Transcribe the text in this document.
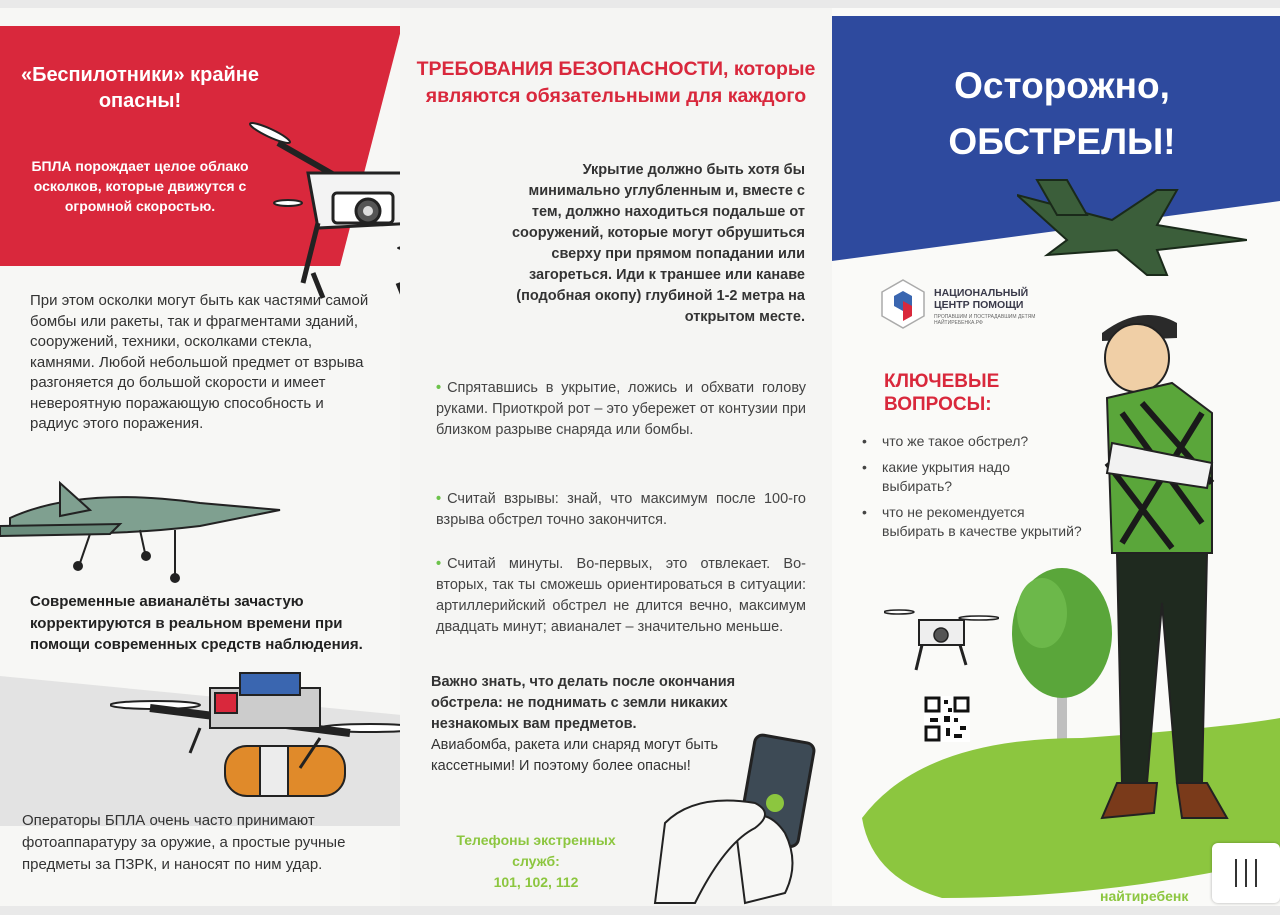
«Беспилотники» крайне опасны!
БПЛА порождает целое облако осколков, которые движутся с огромной скоростью.
При этом осколки могут быть как частями самой бомбы или ракеты, так и фрагментами зданий, сооружений, техники, осколками стекла, камнями. Любой небольшой предмет от взрыва разгоняется до большой скорости и имеет невероятную поражающую способность и радиус этого поражения.
Современные авианалёты зачастую корректируются в реальном времени при помощи современных средств наблюдения.
Операторы БПЛА очень часто принимают фотоаппаратуру за оружие, а простые ручные предметы за ПЗРК, и наносят по ним удар.
ТРЕБОВАНИЯ БЕЗОПАСНОСТИ, которые являются обязательными для каждого
Укрытие должно быть хотя бы минимально углубленным и, вместе с тем, должно находиться подальше от сооружений, которые могут обрушиться сверху при прямом попадании или загореться. Иди к траншее или канаве (подобная окопу) глубиной 1-2 метра на открытом месте.
• Спрятавшись в укрытие, ложись и обхвати голову руками. Приоткрой рот – это убережет от контузии при близком разрыве снаряда или бомбы.
• Считай взрывы: знай, что максимум после 100-го взрыва обстрел точно закончится.
• Считай минуты. Во-первых, это отвлекает. Во-вторых, так ты сможешь ориентироваться в ситуации: артиллерийский обстрел не длится вечно, максимум двадцать минут; авианалет – значительно меньше.
Важно знать, что делать после окончания обстрела: не поднимать с земли никаких незнакомых вам предметов.
Авиабомба, ракета или снаряд могут быть кассетными! И поэтому более опасны!
Телефоны экстренных служб:
101, 102, 112
Осторожно,
ОБСТРЕЛЫ!
НАЦИОНАЛЬНЫЙ ЦЕНТР ПОМОЩИ
ПРОПАВШИМ И ПОСТРАДАВШИМ ДЕТЯМ
НАЙТИРЕБЕНКА.РФ
КЛЮЧЕВЫЕ ВОПРОСЫ:
• что же такое обстрел?
• какие укрытия надо выбирать?
• что не рекомендуется выбирать в качестве укрытий?
найтиребенк
